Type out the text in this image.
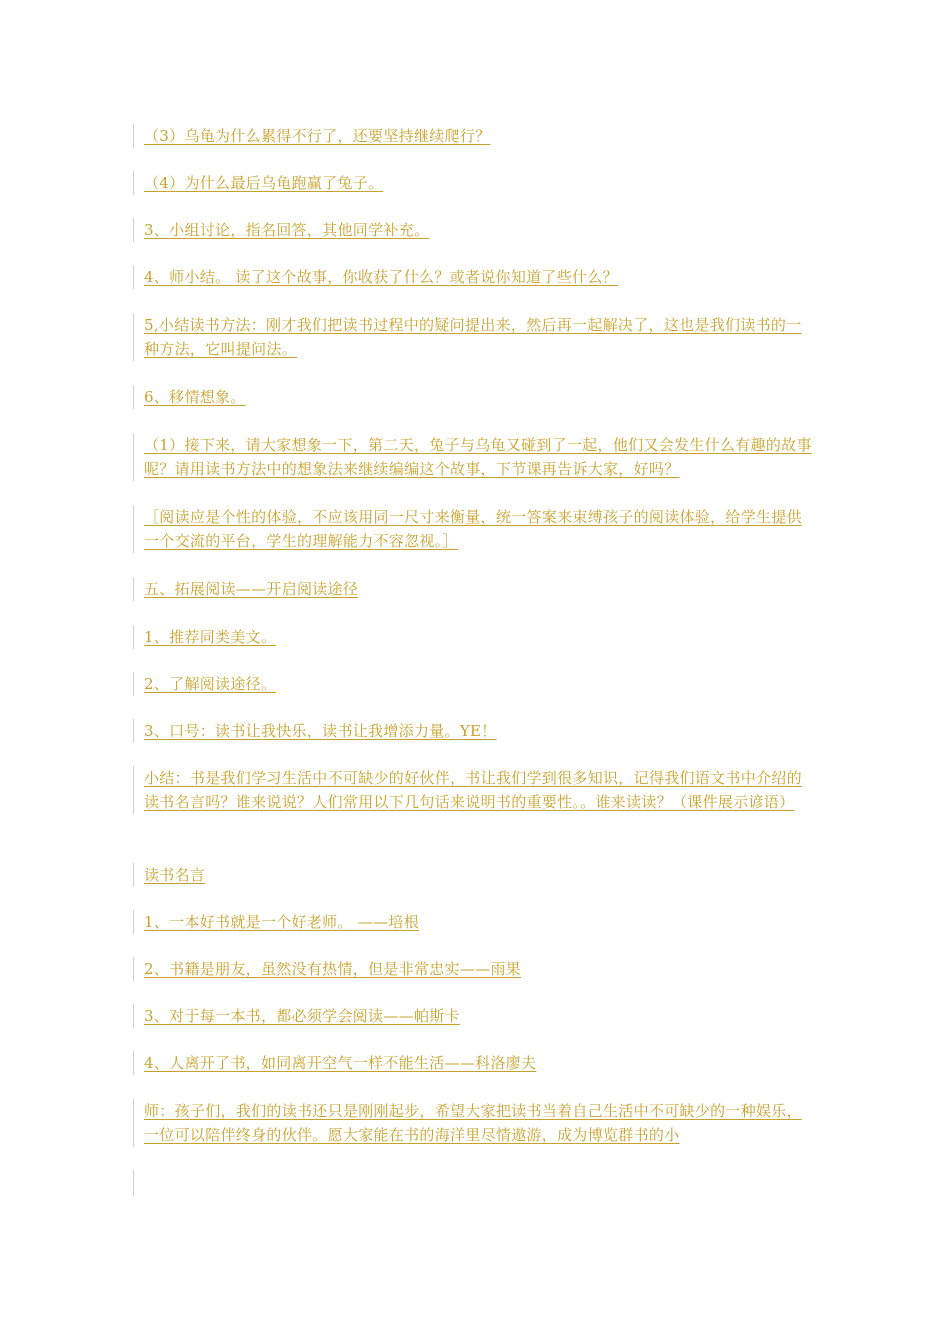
（3）乌龟为什么累得不行了，还要坚持继续爬行？
（4）为什么最后乌龟跑赢了兔子。
3、小组讨论，指名回答，其他同学补充。
4、师小结。 读了这个故事，你收获了什么？或者说你知道了些什么？
5,小结读书方法：刚才我们把读书过程中的疑问提出来，然后再一起解决了，这也是我们读书的一种方法，它叫提问法。
6、移情想象。
（1）接下来，请大家想象一下，第二天，兔子与乌龟又碰到了一起，他们又会发生什么有趣的故事呢？请用读书方法中的想象法来继续编编这个故事，下节课再告诉大家，好吗？
［阅读应是个性的体验，不应该用同一尺寸来衡量，统一答案来束缚孩子的阅读体验，给学生提供一个交流的平台，学生的理解能力不容忽视。］
五、拓展阅读——开启阅读途径
1、推荐同类美文。
2、了解阅读途径。
3、口号：读书让我快乐，读书让我增添力量。YE！
小结：书是我们学习生活中不可缺少的好伙伴，书让我们学到很多知识，记得我们语文书中介绍的读书名言吗？谁来说说？人们常用以下几句话来说明书的重要性。。谁来读读？（课件展示谚语）
读书名言
1、一本好书就是一个好老师。 ——培根
2、书籍是朋友，虽然没有热情，但是非常忠实——雨果
3、对于每一本书，都必须学会阅读——帕斯卡
4、人离开了书，如同离开空气一样不能生活——科洛廖夫
师：孩子们，我们的读书还只是刚刚起步，希望大家把读书当着自己生活中不可缺少的一种娱乐，一位可以陪伴终身的伙伴。愿大家能在书的海洋里尽情遨游，成为博览群书的小
